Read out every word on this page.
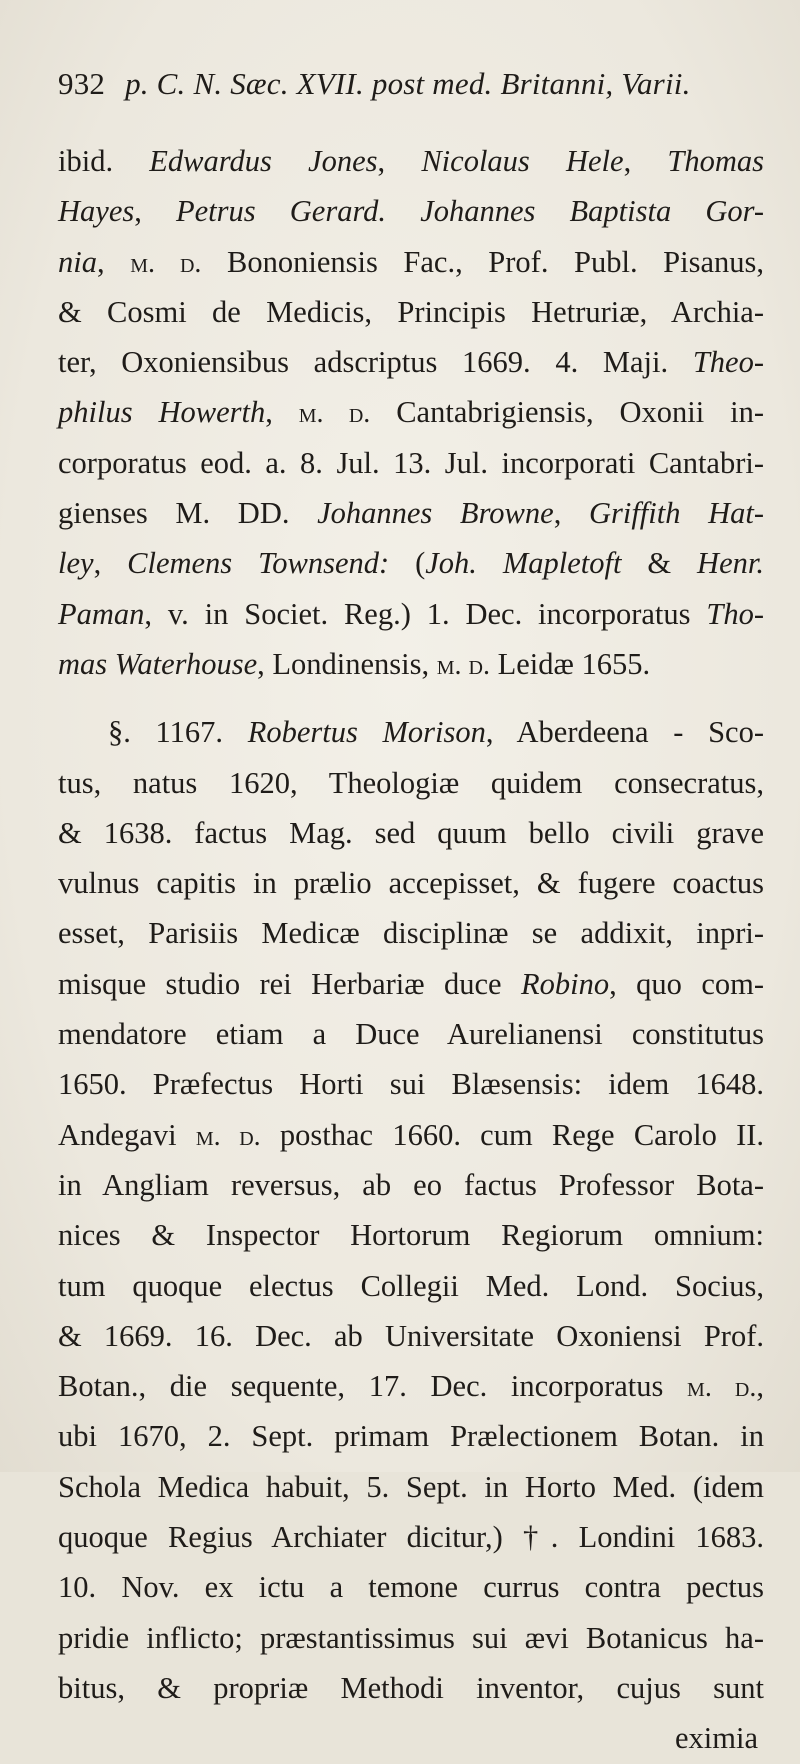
932 p. C. N. Sæc. XVII. post med. Britanni, Varii.
ibid. Edwardus Jones, Nicolaus Hele, Thomas
Hayes, Petrus Gerard. Johannes Baptista Gor-
nia, m. d. Bononiensis Fac., Prof. Publ. Pisanus,
& Cosmi de Medicis, Principis Hetruriæ, Archia-
ter, Oxoniensibus adscriptus 1669. 4. Maji. Theo-
philus Howerth, m. d. Cantabrigiensis, Oxonii in-
corporatus eod. a. 8. Jul. 13. Jul. incorporati Cantabri-
gienses M. DD. Johannes Browne, Griffith Hat-
ley, Clemens Townsend: (Joh. Mapletoft & Henr.
Paman, v. in Societ. Reg.) 1. Dec. incorporatus Tho-
mas Waterhouse, Londinensis, m. d. Leidæ 1655.
§. 1167. Robertus Morison, Aberdeena - Sco-
tus, natus 1620, Theologiæ quidem consecratus,
& 1638. factus Mag. sed quum bello civili grave
vulnus capitis in prælio accepisset, & fugere coactus
esset, Parisiis Medicæ disciplinæ se addixit, inpri-
misque studio rei Herbariæ duce Robino, quo com-
mendatore etiam a Duce Aurelianensi constitutus
1650. Præfectus Horti sui Blæsensis: idem 1648.
Andegavi m. d. posthac 1660. cum Rege Carolo II.
in Angliam reversus, ab eo factus Professor Bota-
nices & Inspector Hortorum Regiorum omnium:
tum quoque electus Collegii Med. Lond. Socius,
& 1669. 16. Dec. ab Universitate Oxoniensi Prof.
Botan., die sequente, 17. Dec. incorporatus m. d.,
ubi 1670, 2. Sept. primam Prælectionem Botan. in
Schola Medica habuit, 5. Sept. in Horto Med. (idem
quoque Regius Archiater dicitur,) †. Londini 1683.
10. Nov. ex ictu a temone currus contra pectus
pridie inflicto; præstantissimus sui ævi Botanicus ha-
bitus, & propriæ Methodi inventor, cujus sunt
eximia
